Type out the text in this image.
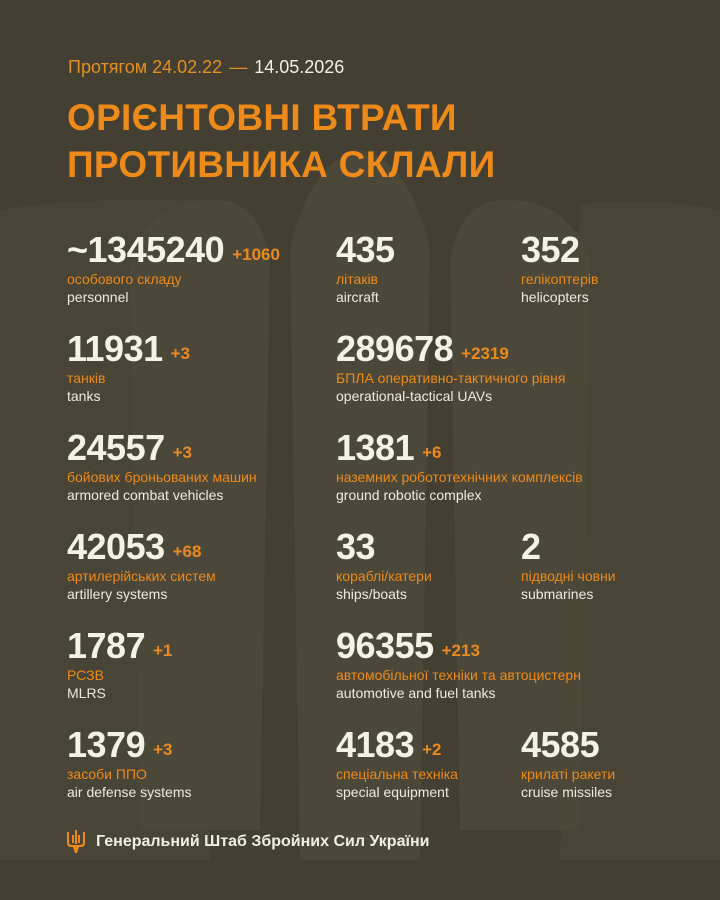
Протягом 24.02.22 — 14.05.2026
ОРІЄНТОВНІ ВТРАТИ
ПРОТИВНИКА СКЛАЛИ
~1345240 +1060
особового складу
personnel
435
літаків
aircraft
352
гелікоптерів
helicopters
11931 +3
танків
tanks
289678 +2319
БПЛА оперативно-тактичного рівня
operational-tactical UAVs
24557 +3
бойових броньованих машин
armored combat vehicles
1381 +6
наземних робототехнічних комплексів
ground robotic complex
42053 +68
артилерійських систем
artillery systems
33
кораблі/катери
ships/boats
2
підводні човни
submarines
1787 +1
РСЗВ
MLRS
96355 +213
автомобільної техніки та автоцистерн
automotive and fuel tanks
1379 +3
засоби ППО
air defense systems
4183 +2
спеціальна техніка
special equipment
4585
крилаті ракети
cruise missiles
Генеральний Штаб Збройних Сил України
